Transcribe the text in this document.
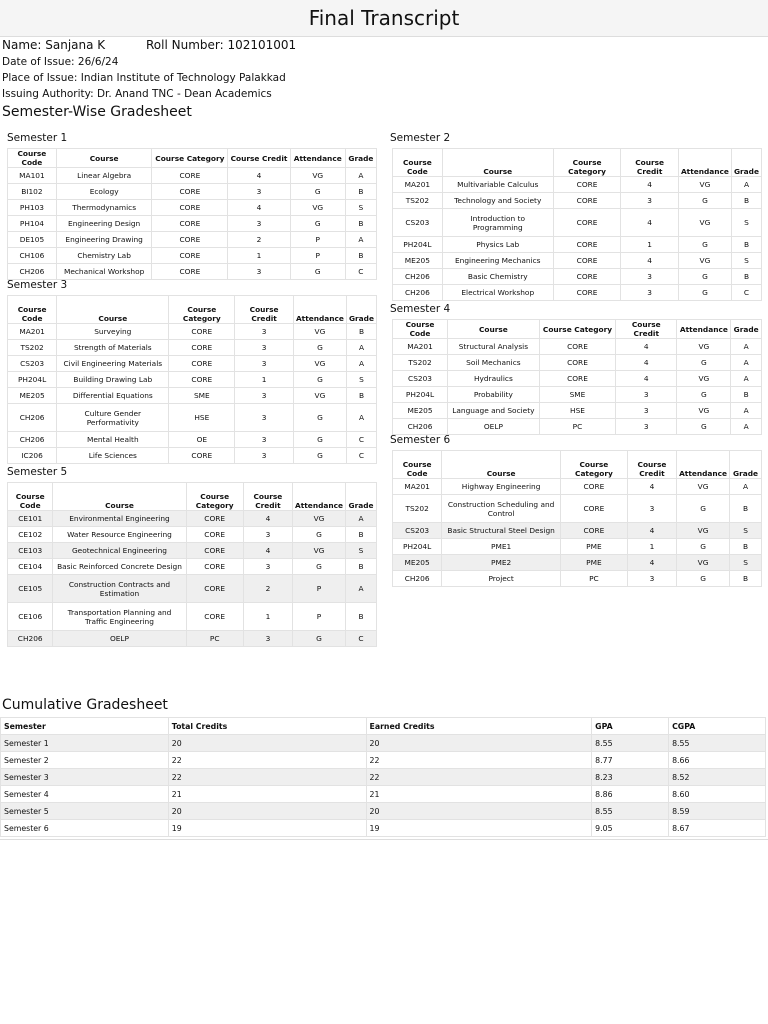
Final Transcript
Name: Sanjana K	Roll Number: 102101001
Date of Issue: 26/6/24
Place of Issue: Indian Institute of Technology Palakkad
Issuing Authority: Dr. Anand TNC - Dean Academics
Semester-Wise Gradesheet
Semester 1
Course Code	Course	Course Category	Course Credit	Attendance	Grade
MA101	Linear Algebra	CORE	4	VG	A
BI102	Ecology	CORE	3	G	B
PH103	Thermodynamics	CORE	4	VG	S
PH104	Engineering Design	CORE	3	G	B
DE105	Engineering Drawing	CORE	2	P	A
CH106	Chemistry Lab	CORE	1	P	B
CH206	Mechanical Workshop	CORE	3	G	C
Semester 2
Course Code	Course	Course Category	Course Credit	Attendance	Grade
MA201	Multivariable Calculus	CORE	4	VG	A
TS202	Technology and Society	CORE	3	G	B
CS203	Introduction to Programming	CORE	4	VG	S
PH204L	Physics Lab	CORE	1	G	B
ME205	Engineering Mechanics	CORE	4	VG	S
CH206	Basic Chemistry	CORE	3	G	B
CH206	Electrical Workshop	CORE	3	G	C
Semester 3
Course Code	Course	Course Category	Course Credit	Attendance	Grade
MA201	Surveying	CORE	3	VG	B
TS202	Strength of Materials	CORE	3	G	A
CS203	Civil Engineering Materials	CORE	3	VG	A
PH204L	Building Drawing Lab	CORE	1	G	S
ME205	Differential Equations	SME	3	VG	B
CH206	Culture Gender Performativity	HSE	3	G	A
CH206	Mental Health	OE	3	G	C
IC206	Life Sciences	CORE	3	G	C
Semester 4
Course Code	Course	Course Category	Course Credit	Attendance	Grade
MA201	Structural Analysis	CORE	4	VG	A
TS202	Soil Mechanics	CORE	4	G	A
CS203	Hydraulics	CORE	4	VG	A
PH204L	Probability	SME	3	G	B
ME205	Language and Society	HSE	3	VG	A
CH206	OELP	PC	3	G	A
Semester 5
Course Code	Course	Course Category	Course Credit	Attendance	Grade
CE101	Environmental Engineering	CORE	4	VG	A
CE102	Water Resource Engineering	CORE	3	G	B
CE103	Geotechnical Engineering	CORE	4	VG	S
CE104	Basic Reinforced Concrete Design	CORE	3	G	B
CE105	Construction Contracts and Estimation	CORE	2	P	A
CE106	Transportation Planning and Traffic Engineering	CORE	1	P	B
CH206	OELP	PC	3	G	C
Semester 6
Course Code	Course	Course Category	Course Credit	Attendance	Grade
MA201	Highway Engineering	CORE	4	VG	A
TS202	Construction Scheduling and Control	CORE	3	G	B
CS203	Basic Structural Steel Design	CORE	4	VG	S
PH204L	PME1	PME	1	G	B
ME205	PME2	PME	4	VG	S
CH206	Project	PC	3	G	B
Cumulative Gradesheet
Semester	Total Credits	Earned Credits	GPA	CGPA
Semester 1	20	20	8.55	8.55
Semester 2	22	22	8.77	8.66
Semester 3	22	22	8.23	8.52
Semester 4	21	21	8.86	8.60
Semester 5	20	20	8.55	8.59
Semester 6	19	19	9.05	8.67
